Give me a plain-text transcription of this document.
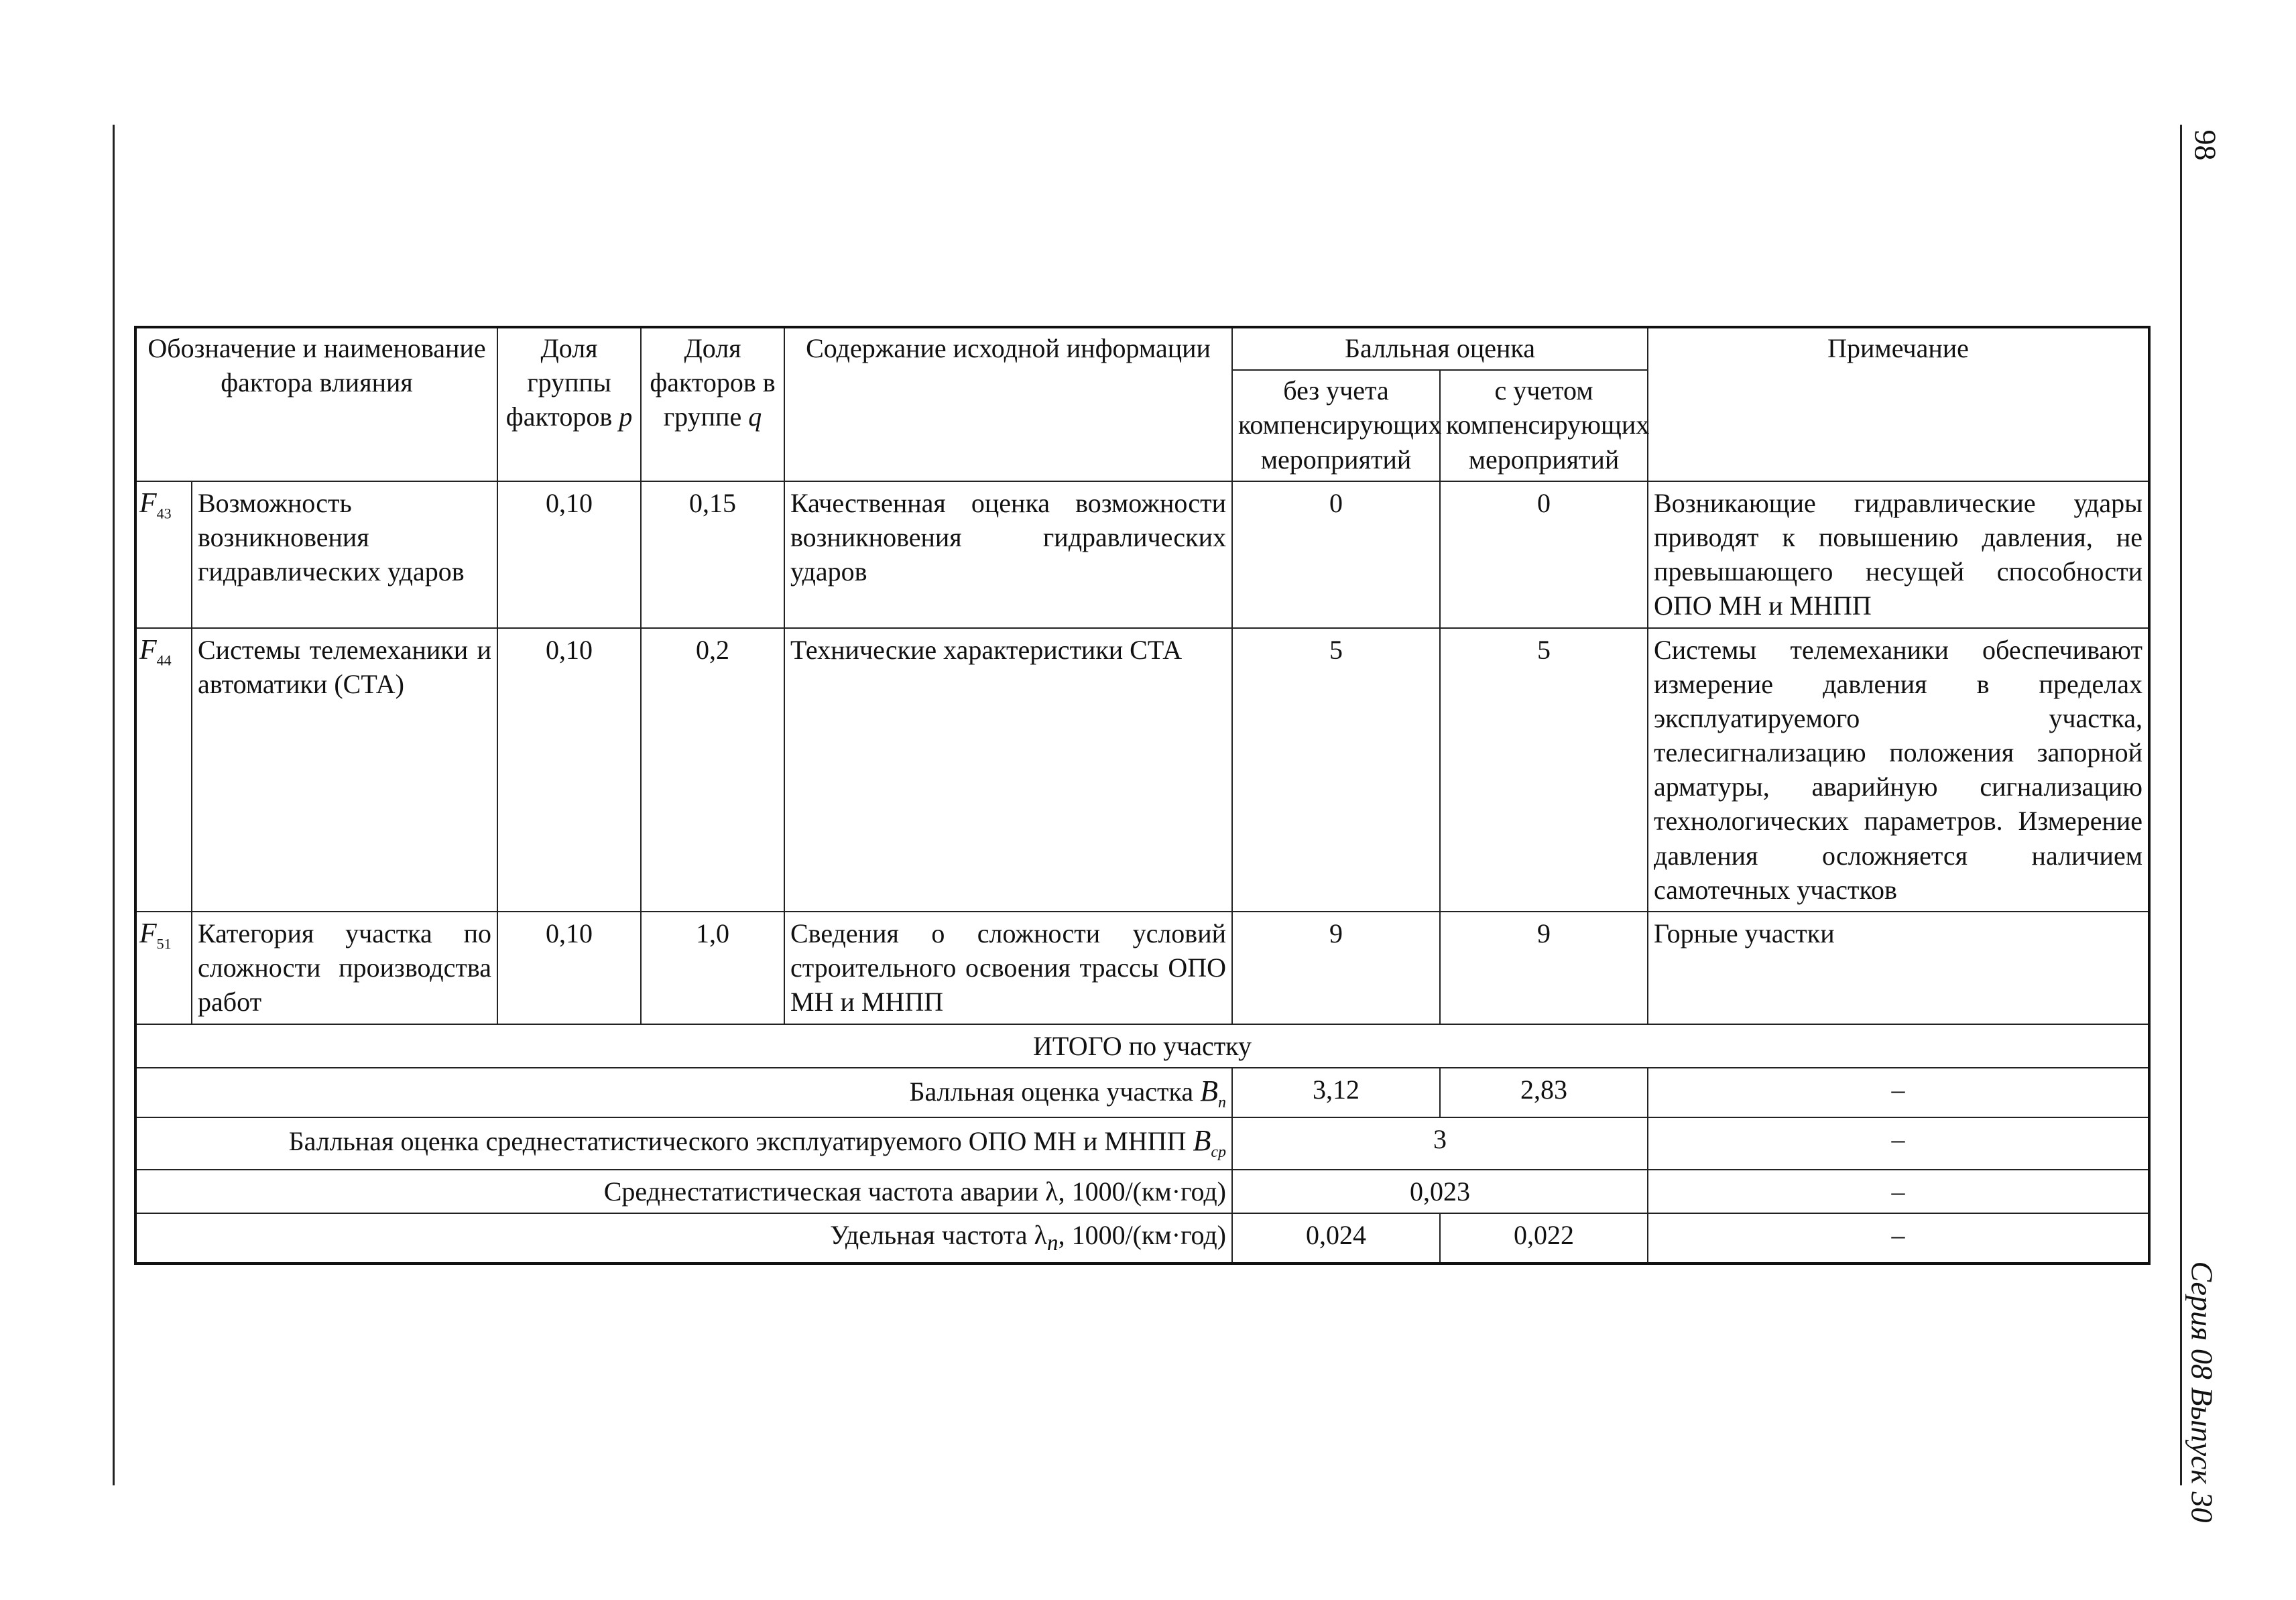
98
Серия 08 Выпуск 30
Обозначение и наименование фактора влияния		Доля группы факторов p	Доля факторов в группе q	Содержание исходной информации	Балльная оценка		Примечание
					без учета компенсирующих мероприятий	с учетом компенсирующих мероприятий	
$F_{43}$	Возможность возникновения гидравлических ударов	0,10	0,15	Качественная оценка возможности возникновения гидравлических ударов	0	0	Возникающие гидравлические удары приводят к повышению давления, не превышающего несущей способности ОПО МН и МНПП
$F_{44}$	Системы телемеханики и автоматики (СТА)	0,10	0,2	Технические характеристики СТА	5	5	Системы телемеханики обеспечивают измерение давления в пределах эксплуатируемого участка, телесигнализацию положения запорной арматуры, аварийную сигнализацию технологических параметров. Измерение давления осложняется наличием самотечных участков
$F_{51}$	Категория участка по сложности производства работ	0,10	1,0	Сведения о сложности условий строительного освоения трассы ОПО МН и МНПП	9	9	Горные участки
ИТОГО по участку							
Балльная оценка участка $B_n$					3,12	2,83	–
Балльная оценка среднестатистического эксплуатируемого ОПО МН и МНПП $B_{ср}$					3		–
Среднестатистическая частота аварии λ, 1000/(км·год)					0,023		–
Удельная частота $\lambda_n$, 1000/(км·год)					0,024	0,022	–
